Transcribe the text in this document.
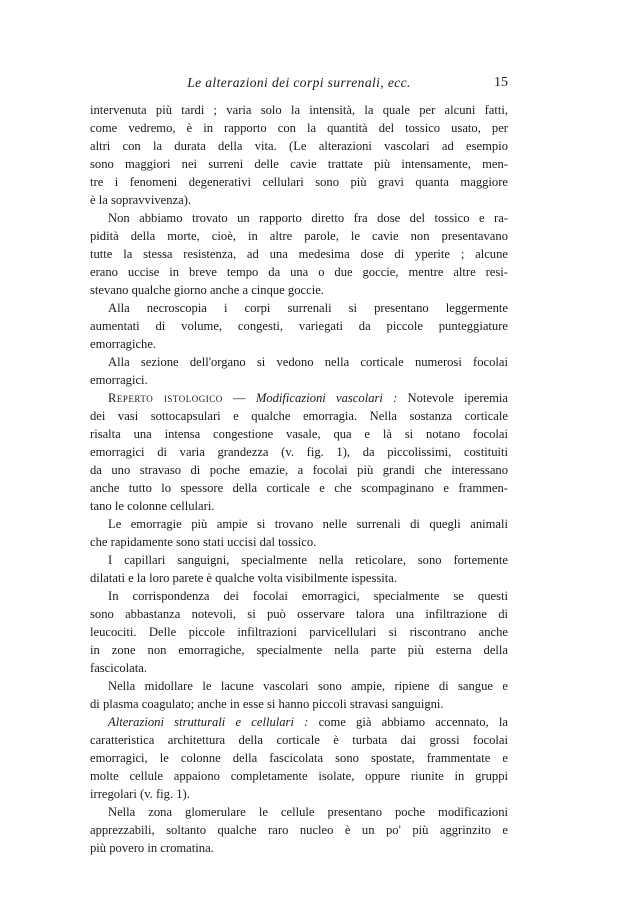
Le alterazioni dei corpi surrenali, ecc.	15
intervenuta più tardi ; varia solo la intensità, la quale per alcuni fatti,
come vedremo, è in rapporto con la quantità del tossico usato, per
altri con la durata della vita. (Le alterazioni vascolari ad esempio
sono maggiori nei surreni delle cavie trattate più intensamente, men-
tre i fenomeni degenerativi cellulari sono più gravi quanta maggiore
è la sopravvivenza).
Non abbiamo trovato un rapporto diretto fra dose del tossico e ra-
pidità della morte, cioè, in altre parole, le cavie non presentavano
tutte la stessa resistenza, ad una medesima dose di yperite ; alcune
erano uccise in breve tempo da una o due goccie, mentre altre resi-
stevano qualche giorno anche a cinque goccie.
Alla necroscopia i corpi surrenali si presentano leggermente
aumentati di volume, congesti, variegati da piccole punteggiature
emorragiche.
Alla sezione dell'organo si vedono nella corticale numerosi focolai
emorragici.
Reperto istologico — Modificazioni vascolari : Notevole iperemia
dei vasi sottocapsulari e qualche emorragia. Nella sostanza corticale
risalta una intensa congestione vasale, qua e là si notano focolai
emorragici di varia grandezza (v. fig. 1), da piccolissimi, costituiti
da uno stravaso di poche emazie, a focolai più grandi che interessano
anche tutto lo spessore della corticale e che scompaginano e frammen-
tano le colonne cellulari.
Le emorragie più ampie si trovano nelle surrenali di quegli animali
che rapidamente sono stati uccisi dal tossico.
I capillari sanguigni, specialmente nella reticolare, sono fortemente
dilatati e la loro parete è qualche volta visibilmente ispessita.
In corrispondenza dei focolai emorragici, specialmente se questi
sono abbastanza notevoli, si può osservare talora una infiltrazione di
leucociti. Delle piccole infiltrazioni parvicellulari si riscontrano anche
in zone non emorragiche, specialmente nella parte più esterna della
fascicolata.
Nella midollare le lacune vascolari sono ampie, ripiene di sangue e
di plasma coagulato; anche in esse si hanno piccoli stravasi sanguigni.
Alterazioni strutturali e cellulari : come già abbiamo accennato, la
caratteristica architettura della corticale è turbata dai grossi focolai
emorragici, le colonne della fascicolata sono spostate, frammentate e
molte cellule appaiono completamente isolate, oppure riunite in gruppi
irregolari (v. fig. 1).
Nella zona glomerulare le cellule presentano poche modificazioni
apprezzabili, soltanto qualche raro nucleo è un po' più aggrinzito e
più povero in cromatina.
